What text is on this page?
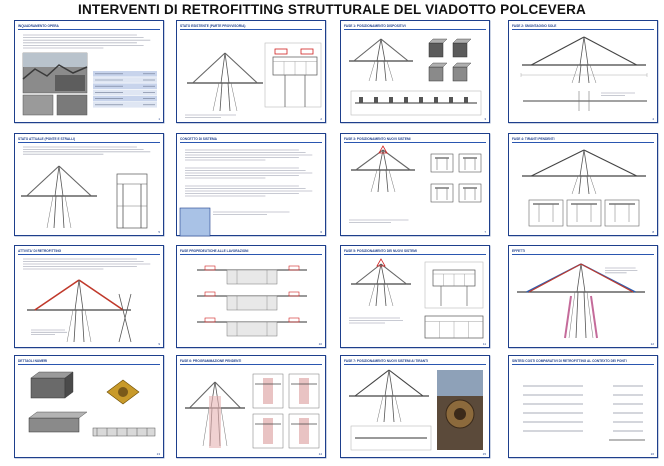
INTERVENTI DI RETROFITTING STRUTTURALE DEL VIADOTTO POLCEVERA
INQUADRAMENTO OPERA
1
STATO ESISTENTE (PARTE PROVVISORIA)
2
FASE 1: POSIZIONAMENTO DISPOSITIVI
3
FASE 2: SMONTAGGIO SOLE
4
STATO ATTUALE (PONTE E STRALLI)
5
CONCETTO DI SISTEMA
6
FASE 3: POSIZIONAMENTO NUOVI SISTEMI
7
FASE 4: TIRANTI PENDENTI
8
ATTIVITA' DI RETROFITTING
9
FASE PROPEDEUTICHE ALLE LAVORAZIONI
10
FASE 5: POSIZIONAMENTO DEI NUOVI SISTEMI
11
EFFETTI
12
DETTAGLI NUMERI
13
FASE 6: PROGRAMMAZIONE PENDENTI
14
FASE 7: POSIZIONAMENTO NUOVI SISTEMI AI TIRANTI
15
SINTESI COSTI COMPARATIVI DI RETROFITTING AL CONTEXTO DEI PONTI
16
